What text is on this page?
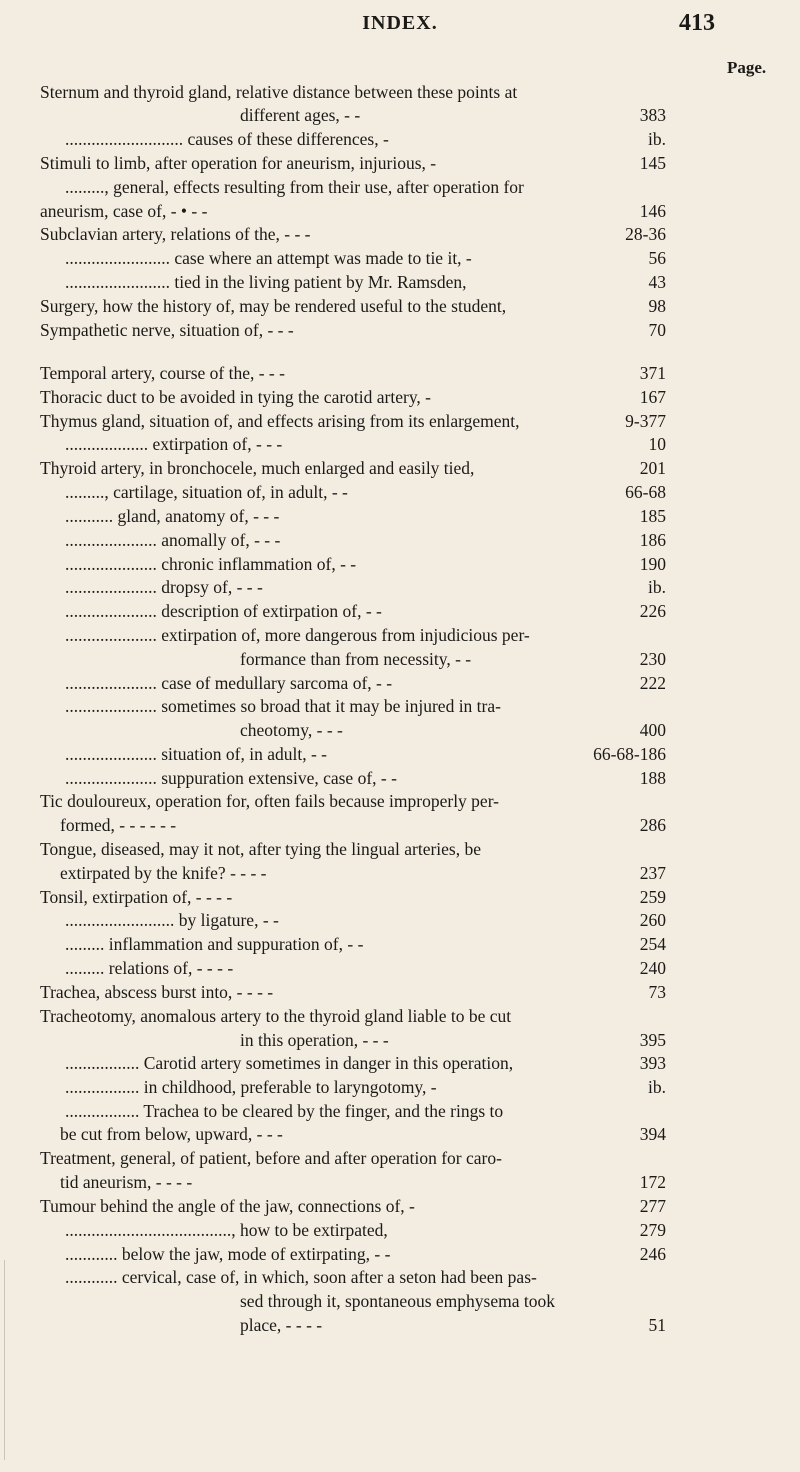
INDEX.	413
Page.
Sternum and thyroid gland, relative distance between these points at
different ages, - -	383
........................... causes of these differences, -	ib.
Stimuli to limb, after operation for aneurism, injurious, -	145
........., general, effects resulting from their use, after operation for
aneurism, case of, - • - -	146
Subclavian artery, relations of the, - - -	28-36
........................ case where an attempt was made to tie it, -	56
........................ tied in the living patient by Mr. Ramsden,	43
Surgery, how the history of, may be rendered useful to the student,	98
Sympathetic nerve, situation of, - - -	70
Temporal artery, course of the, - - -	371
Thoracic duct to be avoided in tying the carotid artery, -	167
Thymus gland, situation of, and effects arising from its enlargement,	9-377
................... extirpation of, - - -	10
Thyroid artery, in bronchocele, much enlarged and easily tied,	201
........., cartilage, situation of, in adult, - -	66-68
........... gland, anatomy of, - - -	185
..................... anomally of, - - -	186
..................... chronic inflammation of, - -	190
..................... dropsy of, - - -	ib.
..................... description of extirpation of, - -	226
..................... extirpation of, more dangerous from injudicious per-
formance than from necessity, - -	230
..................... case of medullary sarcoma of, - -	222
..................... sometimes so broad that it may be injured in tra-
cheotomy, - - -	400
..................... situation of, in adult, - -	66-68-186
..................... suppuration extensive, case of, - -	188
Tic douloureux, operation for, often fails because improperly per-
formed, - - - - - -	286
Tongue, diseased, may it not, after tying the lingual arteries, be
extirpated by the knife? - - - -	237
Tonsil, extirpation of, - - - -	259
......................... by ligature, - -	260
......... inflammation and suppuration of, - -	254
......... relations of, - - - -	240
Trachea, abscess burst into, - - - -	73
Tracheotomy, anomalous artery to the thyroid gland liable to be cut
in this operation, - - -	395
................. Carotid artery sometimes in danger in this operation,	393
................. in childhood, preferable to laryngotomy, -	ib.
................. Trachea to be cleared by the finger, and the rings to
be cut from below, upward, - - -	394
Treatment, general, of patient, before and after operation for caro-
tid aneurism, - - - -	172
Tumour behind the angle of the jaw, connections of, -	277
......................................, how to be extirpated,	279
............ below the jaw, mode of extirpating, - -	246
............ cervical, case of, in which, soon after a seton had been pas-
sed through it, spontaneous emphysema took
place, - - - -	51
